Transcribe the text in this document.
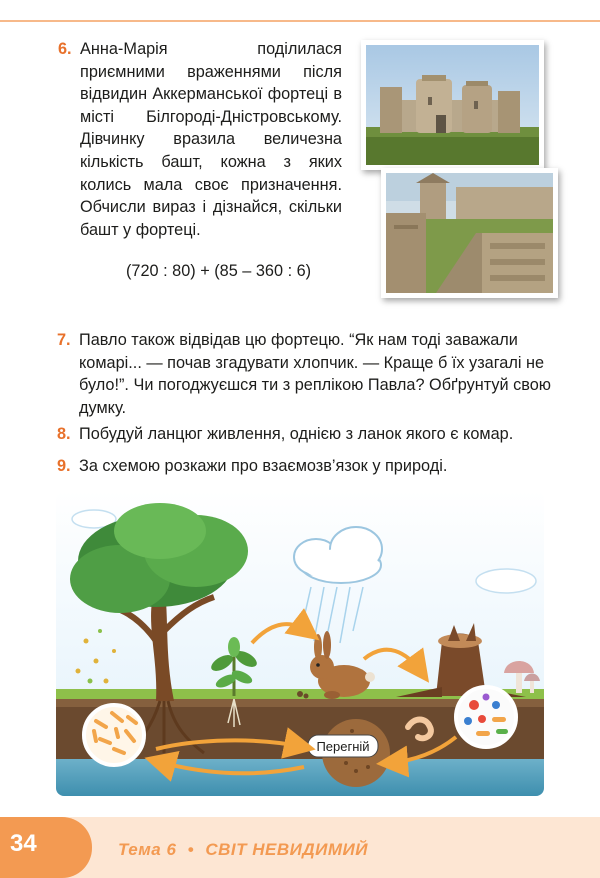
6. Анна-Марія поділилася приємними враженнями після відвидин Аккерманської фортеці в місті Білгороді-Дністровському. Дівчинку вразила величезна кількість башт, кожна з яких колись мала своє призначення. Обчисли вираз і дізнайся, скільки башт у фортеці.
(720 : 80) + (85 – 360 : 6)
7. Павло також відвідав цю фортецю. “Як нам тоді заважали комарі... — почав згадувати хлопчик. — Краще б їх узагалі не було!”. Чи погоджуєшся ти з реплікою Павла? Обґрунтуй свою думку.
8. Побудуй ланцюг живлення, однією з ланок якого є комар.
9. За схемою розкажи про взаємозв’язок у природі.
Перегній
34	Тема 6 • СВІТ НЕВИДИМИЙ
